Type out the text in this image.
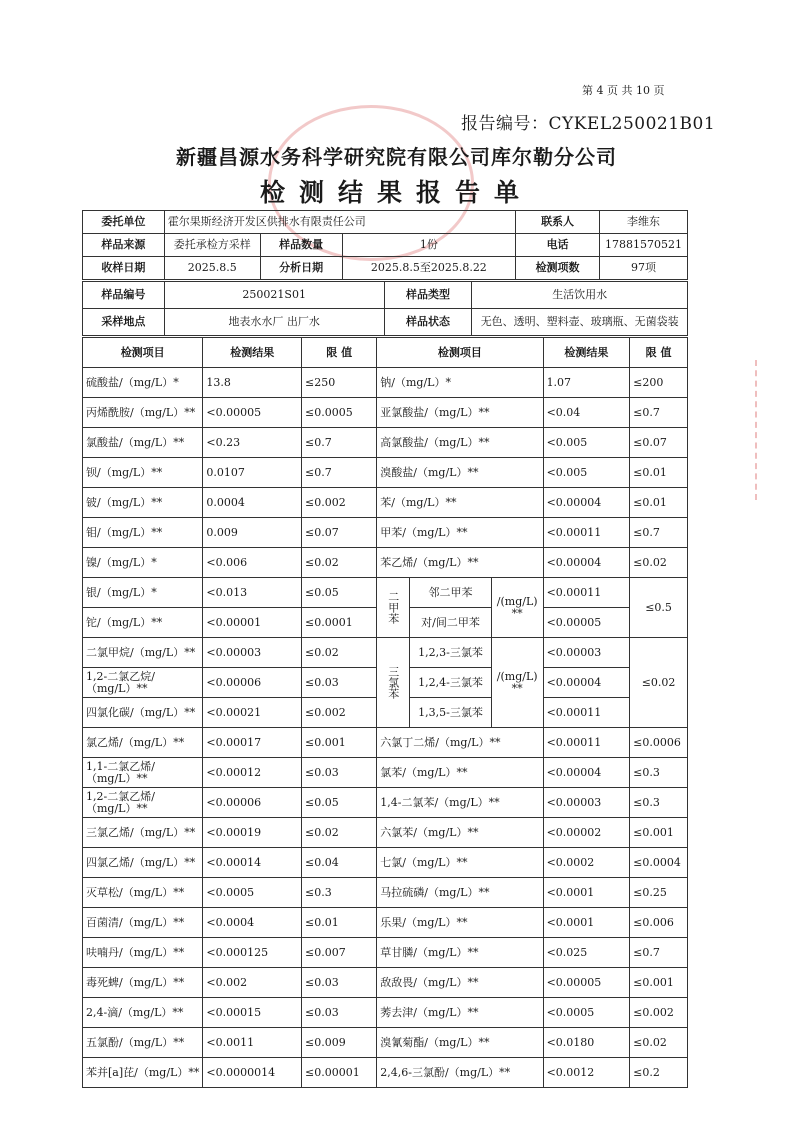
第 4 页 共 10 页
报告编号：CYKEL250021B01
新疆昌源水务科学研究院有限公司库尔勒分公司
检测结果报告单
委托单位	霍尔果斯经济开发区供排水有限责任公司			联系人	李维东
样品来源	委托承检方采样	样品数量	1份	电话	17881570521
收样日期	2025.8.5	分析日期	2025.8.5至2025.8.22	检测项数	97项
样品编号	250021S01	样品类型	生活饮用水
采样地点	地表水水厂 出厂水	样品状态	无色、透明、塑料壶、玻璃瓶、无菌袋装
检测项目	检测结果	限 值	检测项目			检测结果	限 值
硫酸盐/（mg/L）*	13.8	≤250	钠/（mg/L）*			1.07	≤200
丙烯酰胺/（mg/L）**	<0.00005	≤0.0005	亚氯酸盐/（mg/L）**			<0.04	≤0.7
氯酸盐/（mg/L）**	<0.23	≤0.7	高氯酸盐/（mg/L）**			<0.005	≤0.07
钡/（mg/L）**	0.0107	≤0.7	溴酸盐/（mg/L）**			<0.005	≤0.01
铍/（mg/L）**	0.0004	≤0.002	苯/（mg/L）**			<0.00004	≤0.01
钼/（mg/L）**	0.009	≤0.07	甲苯/（mg/L）**			<0.00011	≤0.7
镍/（mg/L）*	<0.006	≤0.02	苯乙烯/（mg/L）**			<0.00004	≤0.02
银/（mg/L）*	<0.013	≤0.05	二甲苯	邻二甲苯	/(mg/L) **	<0.00011	≤0.5
铊/（mg/L）**	<0.00001	≤0.0001		对/间二甲苯		<0.00005	
二氯甲烷/（mg/L）**	<0.00003	≤0.02	三氯苯	1,2,3-三氯苯	/(mg/L) **	<0.00003	≤0.02
1,2-二氯乙烷/（mg/L）**	<0.00006	≤0.03		1,2,4-三氯苯		<0.00004	
四氯化碳/（mg/L）**	<0.00021	≤0.002		1,3,5-三氯苯		<0.00011	
氯乙烯/（mg/L）**	<0.00017	≤0.001	六氯丁二烯/（mg/L）**			<0.00011	≤0.0006
1,1-二氯乙烯/（mg/L）**	<0.00012	≤0.03	氯苯/（mg/L）**			<0.00004	≤0.3
1,2-二氯乙烯/（mg/L）**	<0.00006	≤0.05	1,4-二氯苯/（mg/L）**			<0.00003	≤0.3
三氯乙烯/（mg/L）**	<0.00019	≤0.02	六氯苯/（mg/L）**			<0.00002	≤0.001
四氯乙烯/（mg/L）**	<0.00014	≤0.04	七氯/（mg/L）**			<0.0002	≤0.0004
灭草松/（mg/L）**	<0.0005	≤0.3	马拉硫磷/（mg/L）**			<0.0001	≤0.25
百菌清/（mg/L）**	<0.0004	≤0.01	乐果/（mg/L）**			<0.0001	≤0.006
呋喃丹/（mg/L）**	<0.000125	≤0.007	草甘膦/（mg/L）**			<0.025	≤0.7
毒死蜱/（mg/L）**	<0.002	≤0.03	敌敌畏/（mg/L）**			<0.00005	≤0.001
2,4-滴/（mg/L）**	<0.00015	≤0.03	莠去津/（mg/L）**			<0.0005	≤0.002
五氯酚/（mg/L）**	<0.0011	≤0.009	溴氰菊酯/（mg/L）**			<0.0180	≤0.02
苯并[a]芘/（mg/L）**	<0.0000014	≤0.00001	2,4,6-三氯酚/（mg/L）**			<0.0012	≤0.2
